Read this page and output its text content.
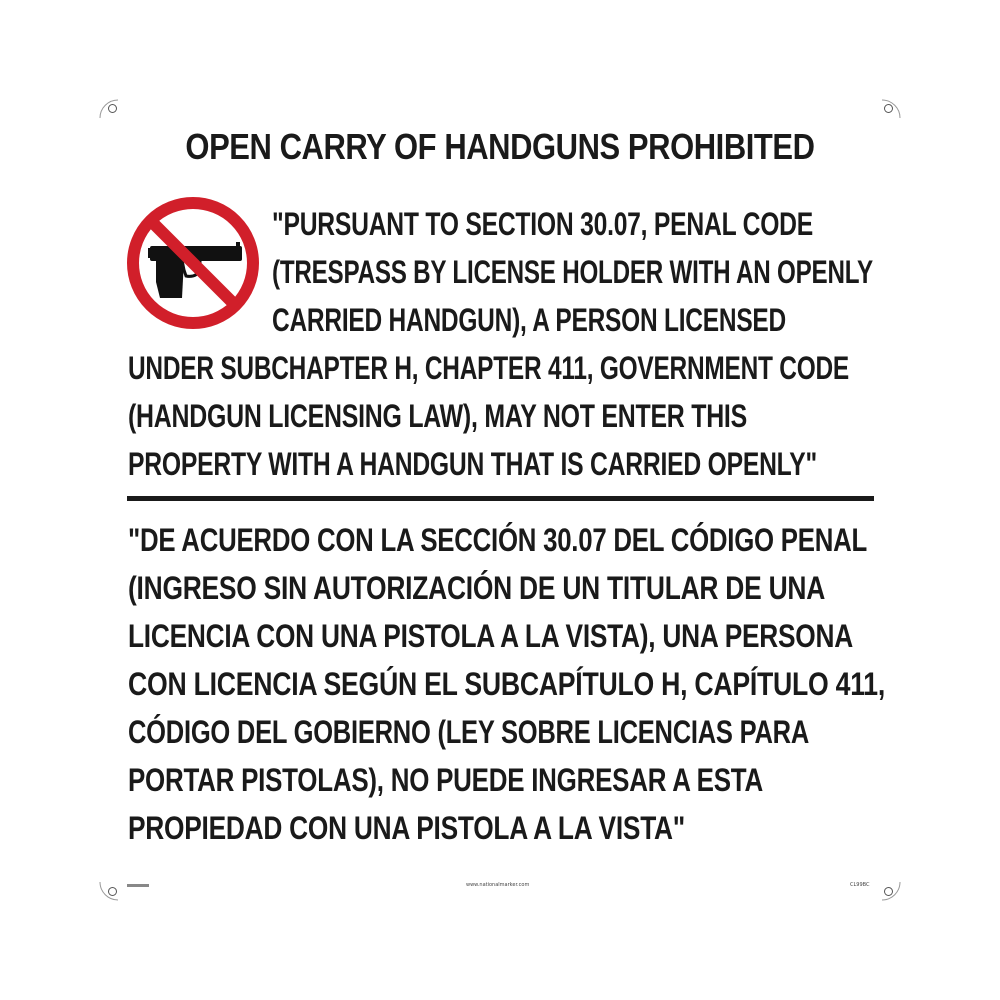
OPEN CARRY OF HANDGUNS PROHIBITED
"PURSUANT TO SECTION 30.07, PENAL CODE
(TRESPASS BY LICENSE HOLDER WITH AN OPENLY
CARRIED HANDGUN), A PERSON LICENSED
UNDER SUBCHAPTER H, CHAPTER 411, GOVERNMENT CODE
(HANDGUN LICENSING LAW), MAY NOT ENTER THIS
PROPERTY WITH A HANDGUN THAT IS CARRIED OPENLY"
"DE ACUERDO CON LA SECCIÓN 30.07 DEL CÓDIGO PENAL
(INGRESO SIN AUTORIZACIÓN DE UN TITULAR DE UNA
LICENCIA CON UNA PISTOLA A LA VISTA), UNA PERSONA
CON LICENCIA SEGÚN EL SUBCAPÍTULO H, CAPÍTULO 411,
CÓDIGO DEL GOBIERNO (LEY SOBRE LICENCIAS PARA
PORTAR PISTOLAS), NO PUEDE INGRESAR A ESTA
PROPIEDAD CON UNA PISTOLA A LA VISTA"
www.nationalmarker.com	CL99BC
